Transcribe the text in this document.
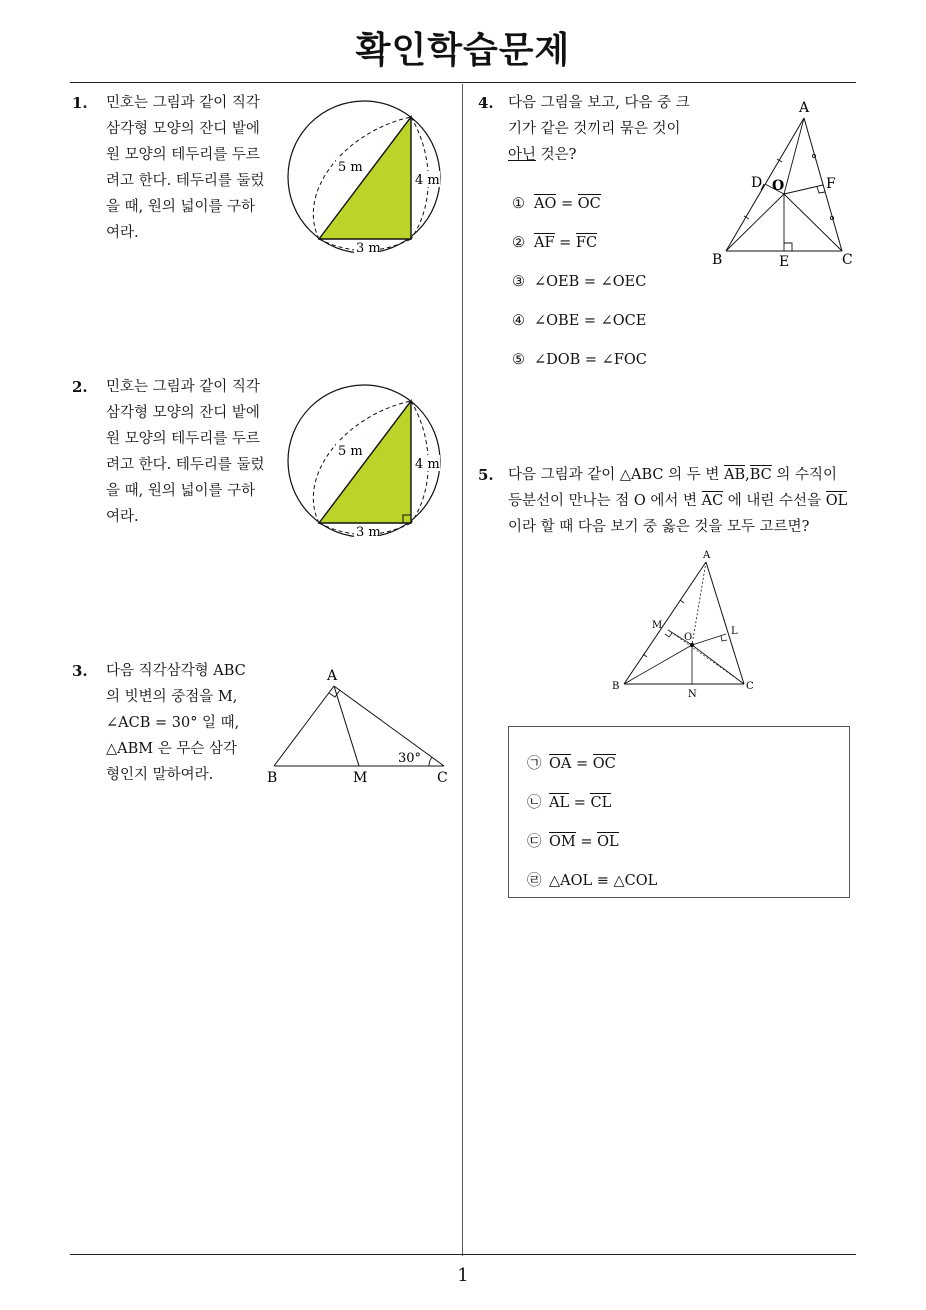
확인학습문제
1
1. 민호는 그림과 같이 직각
삼각형 모양의 잔디 밭에
원 모양의 테두리를 두르
려고 한다. 테두리를 둘렀
을 때, 원의 넓이를 구하
여라.
5 m
4 m
3 m
2. 민호는 그림과 같이 직각
삼각형 모양의 잔디 밭에
원 모양의 테두리를 두르
려고 한다. 테두리를 둘렀
을 때, 원의 넓이를 구하
여라.
5 m
4 m
3 m
3. 다음 직각삼각형 ABC
의 빗변의 중점을 M,
∠ACB = 30° 일 때,
△ABM 은 무슨 삼각
형인지 말하여라.
A
B	M	C
30°
4. 다음 그림을 보고, 다음 중 크
기가 같은 것끼리 묶은 것이
아닌 것은?
① AO = OC
② AF = FC
③ ∠OEB = ∠OEC
④ ∠OBE = ∠OCE
⑤ ∠DOB = ∠FOC
A
B	C
D O	F
E
5. 다음 그림과 같이 △ABC 의 두 변 AB,BC 의 수직이
등분선이 만나는 점 O 에서 변 AC 에 내린 수선을 OL
이라 할 때 다음 보기 중 옳은 것을 모두 고르면?
A
B	C
M
O
L
N
㉠ OA = OC
㉡ AL = CL
㉢ OM = OL
㉣ △AOL ≡ △COL
